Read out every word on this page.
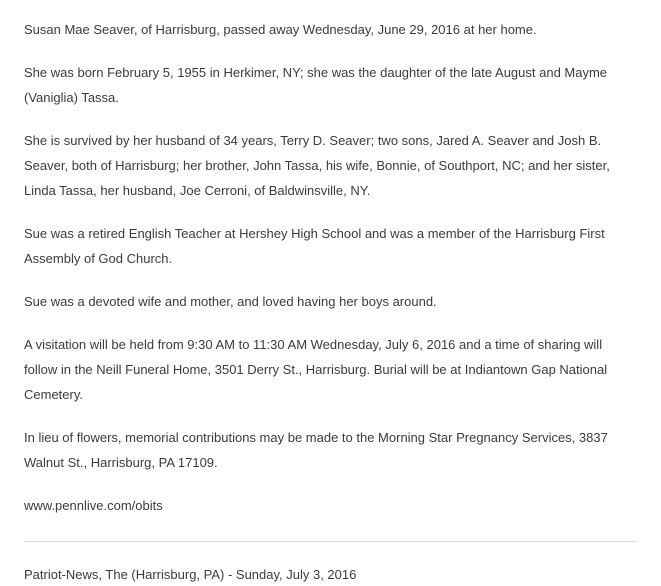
Susan Mae Seaver, of Harrisburg, passed away Wednesday, June 29, 2016 at her home.

She was born February 5, 1955 in Herkimer, NY; she was the daughter of the late August and Mayme (Vaniglia) Tassa.

She is survived by her husband of 34 years, Terry D. Seaver; two sons, Jared A. Seaver and Josh B. Seaver, both of Harrisburg; her brother, John Tassa, his wife, Bonnie, of Southport, NC; and her sister, Linda Tassa, her husband, Joe Cerroni, of Baldwinsville, NY.

Sue was a retired English Teacher at Hershey High School and was a member of the Harrisburg First Assembly of God Church.

Sue was a devoted wife and mother, and loved having her boys around.

A visitation will be held from 9:30 AM to 11:30 AM Wednesday, July 6, 2016 and a time of sharing will follow in the Neill Funeral Home, 3501 Derry St., Harrisburg. Burial will be at Indiantown Gap National Cemetery.

In lieu of flowers, memorial contributions may be made to the Morning Star Pregnancy Services, 3837 Walnut St., Harrisburg, PA 17109.

www.pennlive.com/obits

Patriot-News, The (Harrisburg, PA) - Sunday, July 3, 2016
